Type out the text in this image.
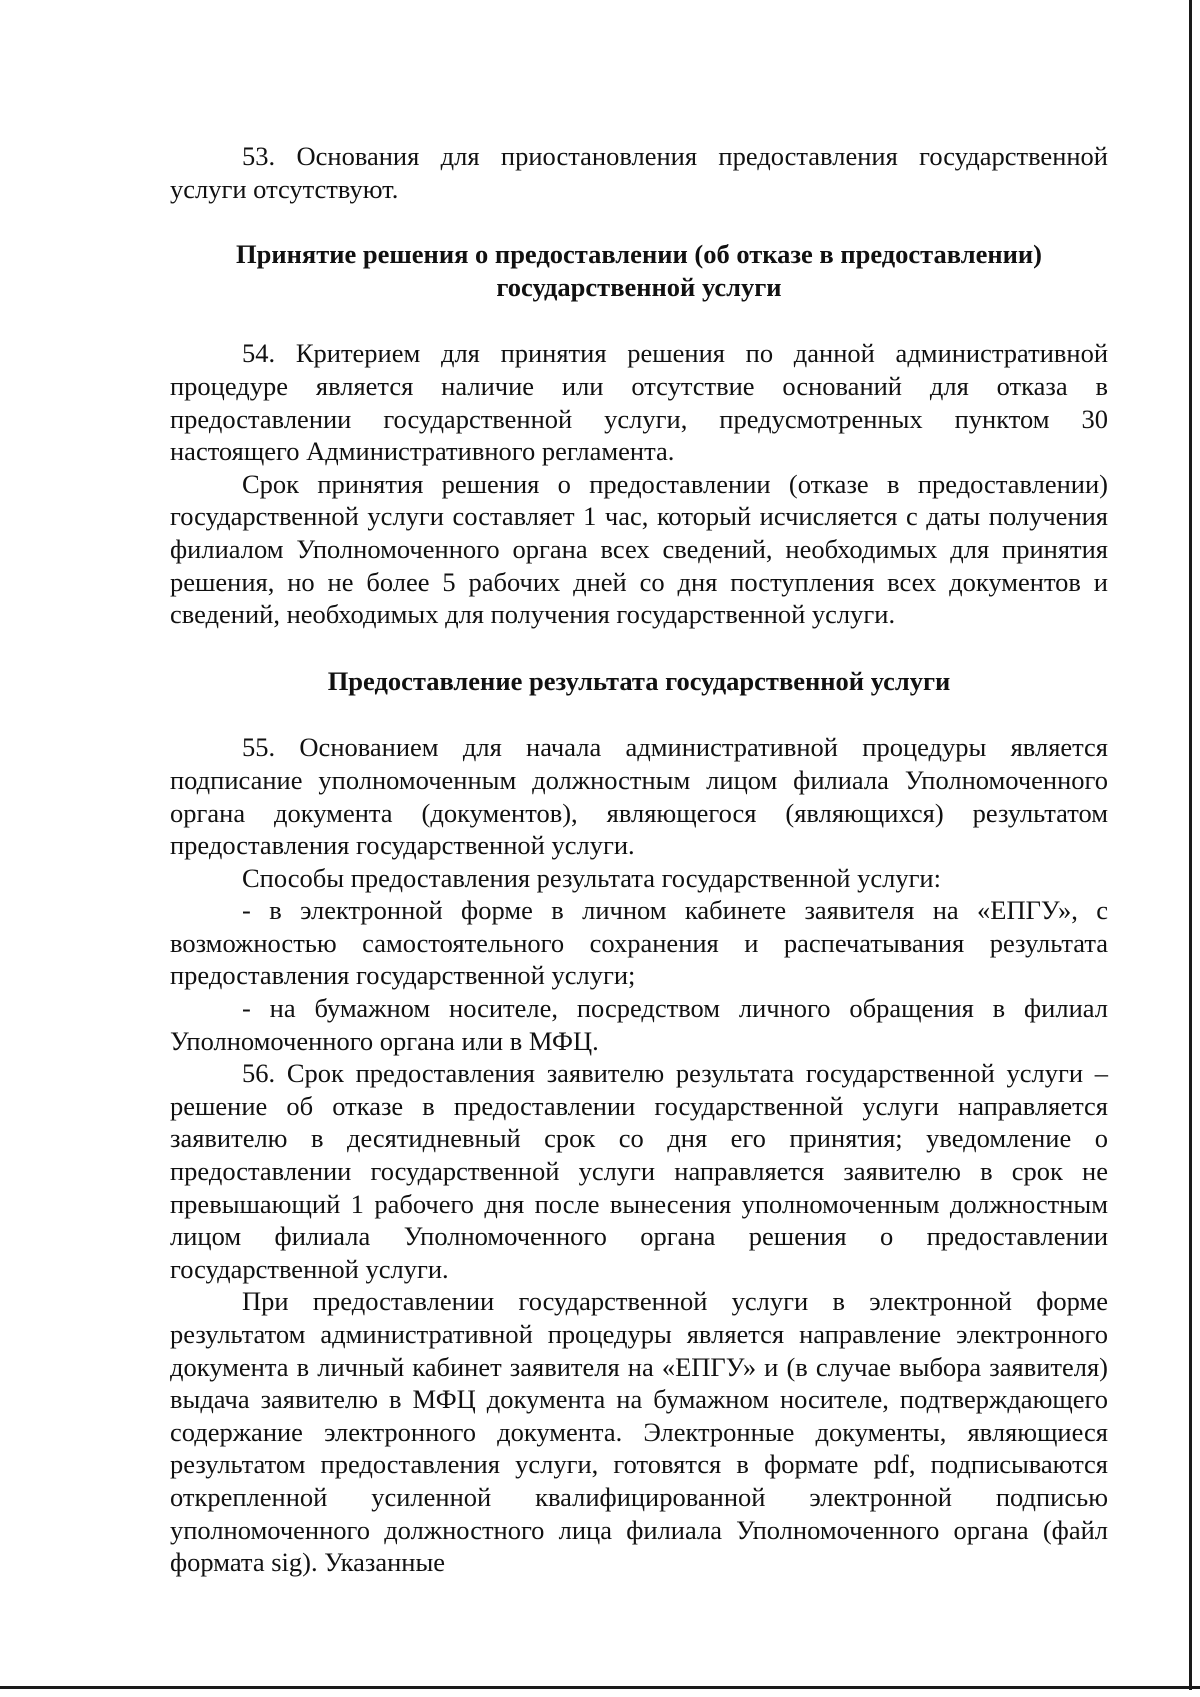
53. Основания для приостановления предоставления государственной услуги отсутствуют.

Принятие решения о предоставлении (об отказе в предоставлении)
государственной услуги

54. Критерием для принятия решения по данной административной процедуре является наличие или отсутствие оснований для отказа в предоставлении государственной услуги, предусмотренных пунктом 30 настоящего Административного регламента.

Срок принятия решения о предоставлении (отказе в предоставлении) государственной услуги составляет 1 час, который исчисляется с даты получения филиалом Уполномоченного органа всех сведений, необходимых для принятия решения, но не более 5 рабочих дней со дня поступления всех документов и сведений, необходимых для получения государственной услуги.

Предоставление результата государственной услуги

55. Основанием для начала административной процедуры является подписание уполномоченным должностным лицом филиала Уполномоченного органа документа (документов), являющегося (являющихся) результатом предоставления государственной услуги.

Способы предоставления результата государственной услуги:

- в электронной форме в личном кабинете заявителя на «ЕПГУ», с возможностью самостоятельного сохранения и распечатывания результата предоставления государственной услуги;

- на бумажном носителе, посредством личного обращения в филиал Уполномоченного органа или в МФЦ.

56. Срок предоставления заявителю результата государственной услуги – решение об отказе в предоставлении государственной услуги направляется заявителю в десятидневный срок со дня его принятия; уведомление о предоставлении государственной услуги направляется заявителю в срок не превышающий 1 рабочего дня после вынесения уполномоченным должностным лицом филиала Уполномоченного органа решения о предоставлении государственной услуги.

При предоставлении государственной услуги в электронной форме результатом административной процедуры является направление электронного документа в личный кабинет заявителя на «ЕПГУ» и (в случае выбора заявителя) выдача заявителю в МФЦ документа на бумажном носителе, подтверждающего содержание электронного документа. Электронные документы, являющиеся результатом предоставления услуги, готовятся в формате pdf, подписываются открепленной усиленной квалифицированной электронной подписью уполномоченного должностного лица филиала Уполномоченного органа (файл формата sig). Указанные
